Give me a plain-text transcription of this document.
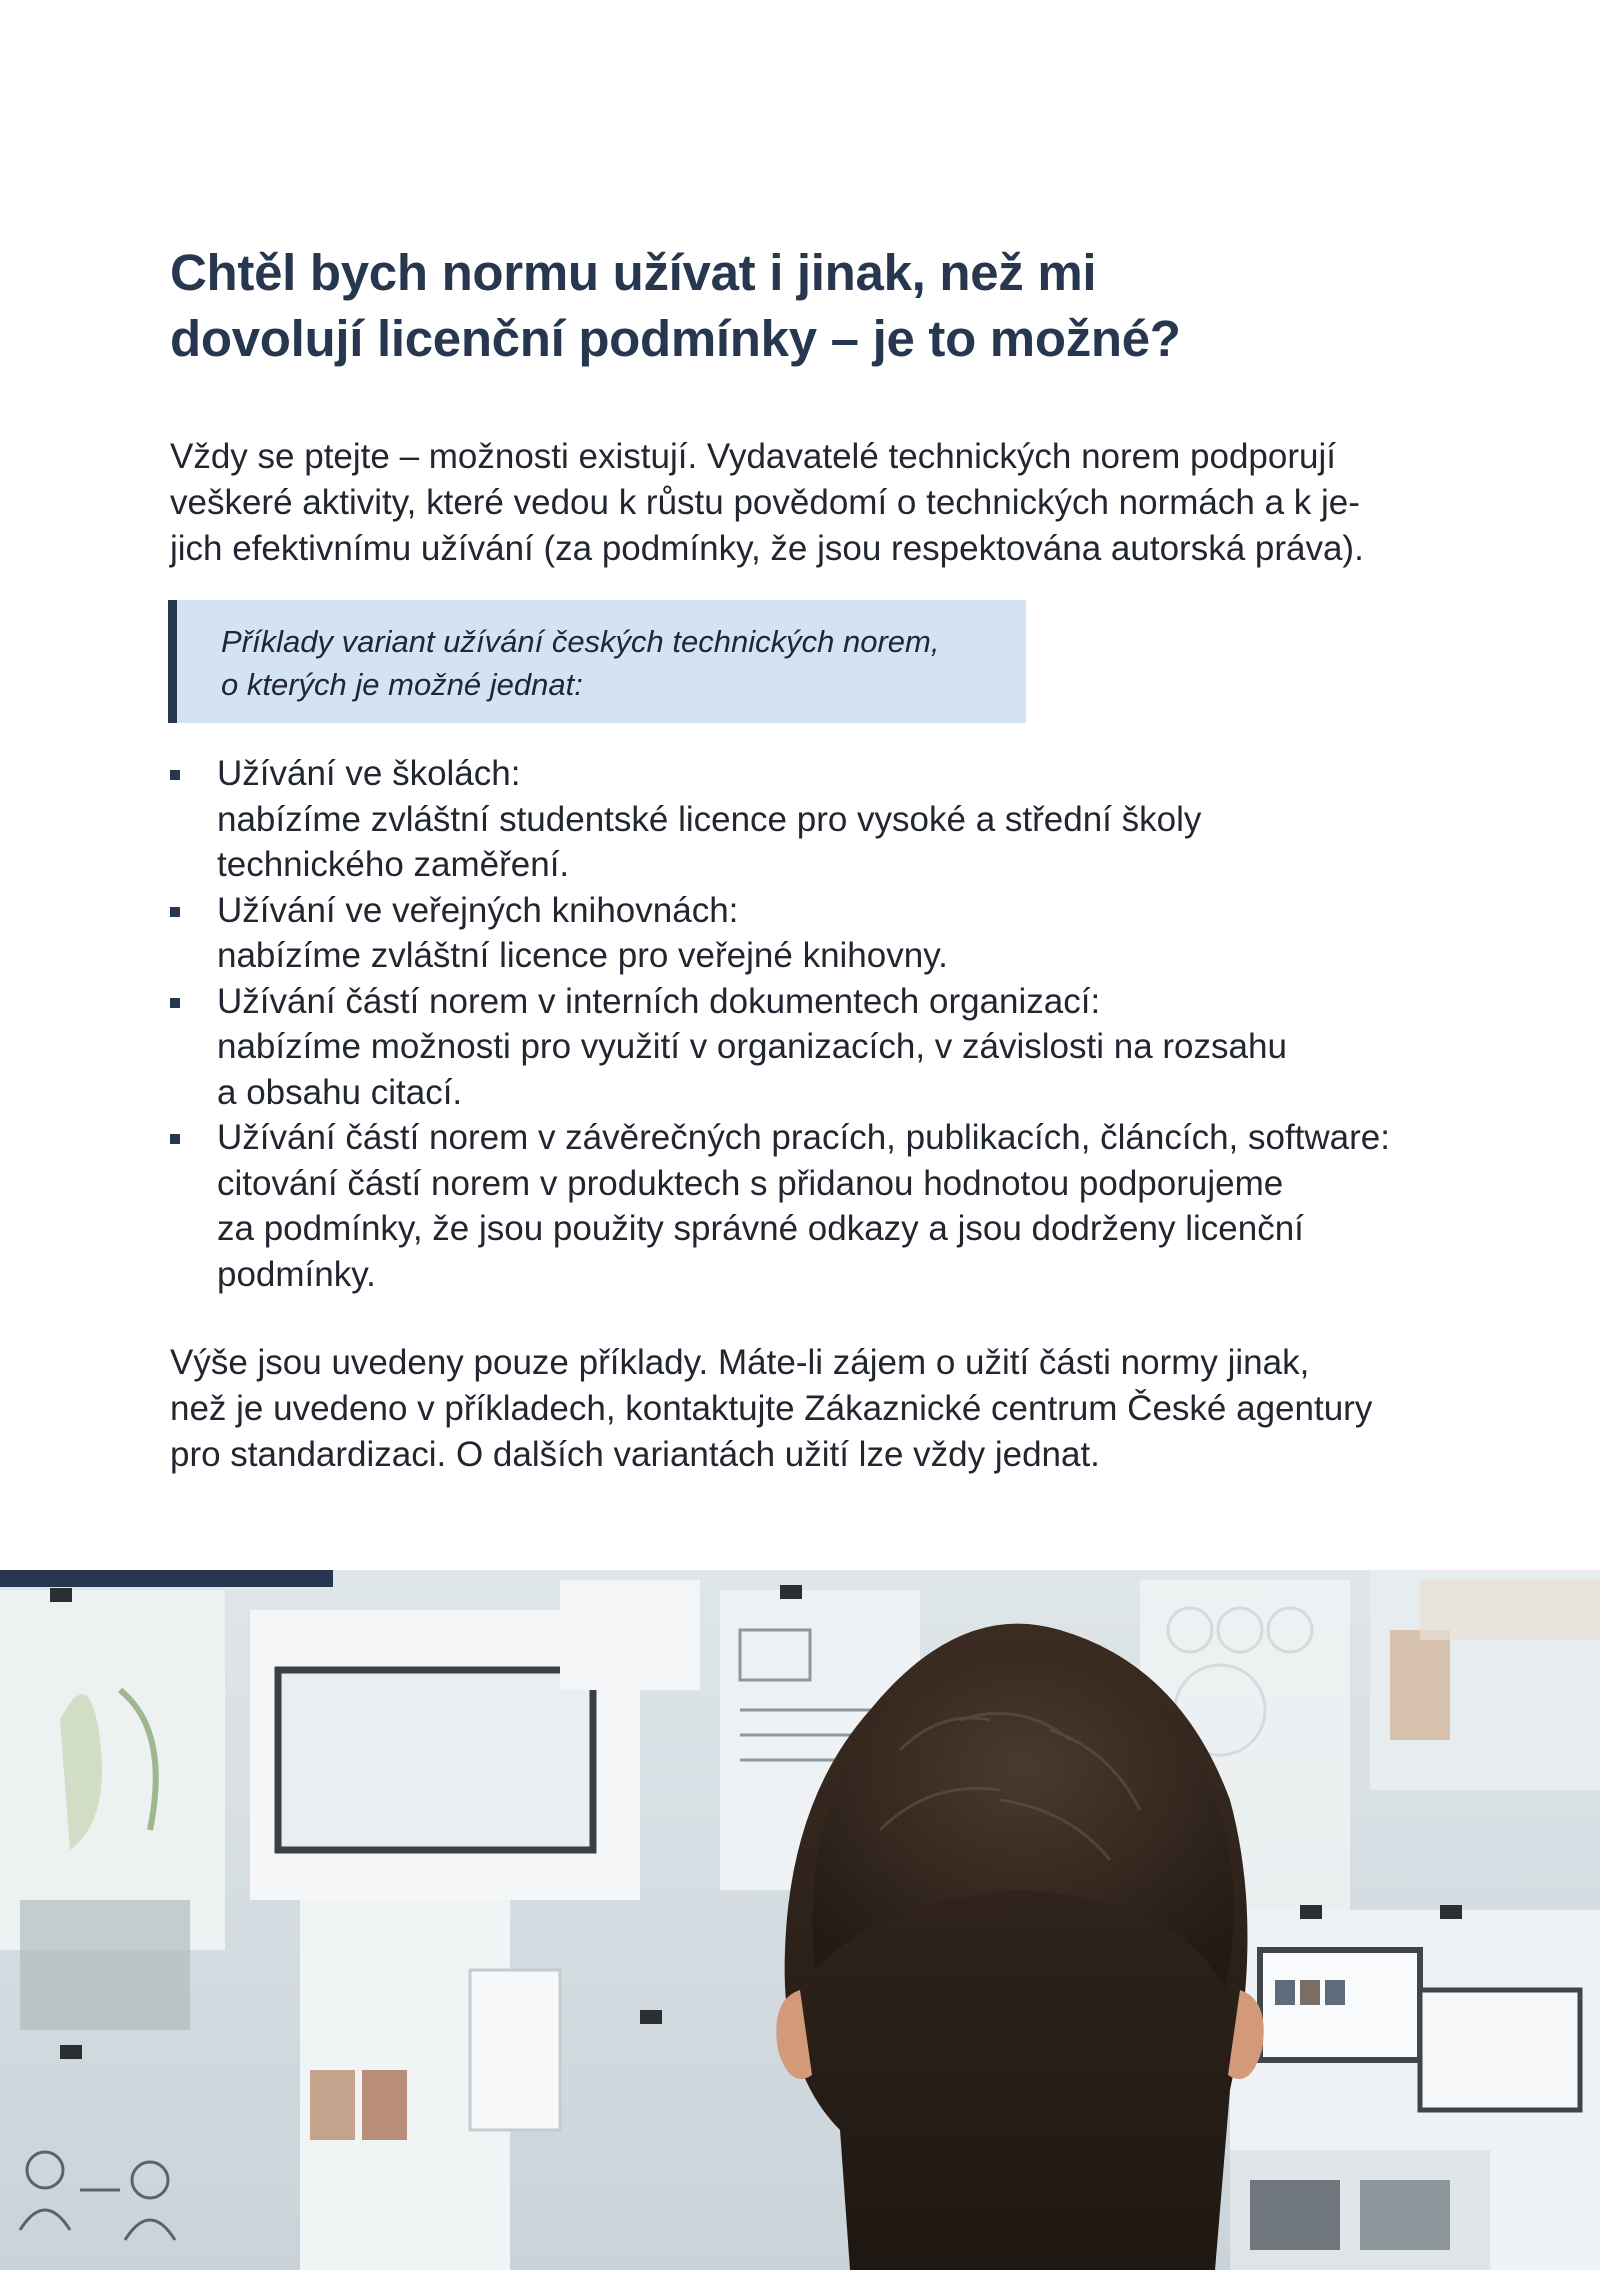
Chtěl bych normu užívat i jinak, než mi
dovolují licenční podmínky – je to možné?

Vždy se ptejte – možnosti existují. Vydavatelé technických norem podporují
veškeré aktivity, které vedou k růstu povědomí o technických normách a k je-
jich efektivnímu užívání (za podmínky, že jsou respektována autorská práva).

Příklady variant užívání českých technických norem,
o kterých je možné jednat:

Užívání ve školách:
nabízíme zvláštní studentské licence pro vysoké a střední školy
technického zaměření.
Užívání ve veřejných knihovnách:
nabízíme zvláštní licence pro veřejné knihovny.
Užívání částí norem v interních dokumentech organizací:
nabízíme možnosti pro využití v organizacích, v závislosti na rozsahu
a obsahu citací.
Užívání částí norem v závěrečných pracích, publikacích, článcích, software:
citování částí norem v produktech s přidanou hodnotou podporujeme
za podmínky, že jsou použity správné odkazy a jsou dodrženy licenční
podmínky.

Výše jsou uvedeny pouze příklady. Máte-li zájem o užití části normy jinak,
než je uvedeno v příkladech, kontaktujte Zákaznické centrum České agentury
pro standardizaci. O dalších variantách užití lze vždy jednat.
